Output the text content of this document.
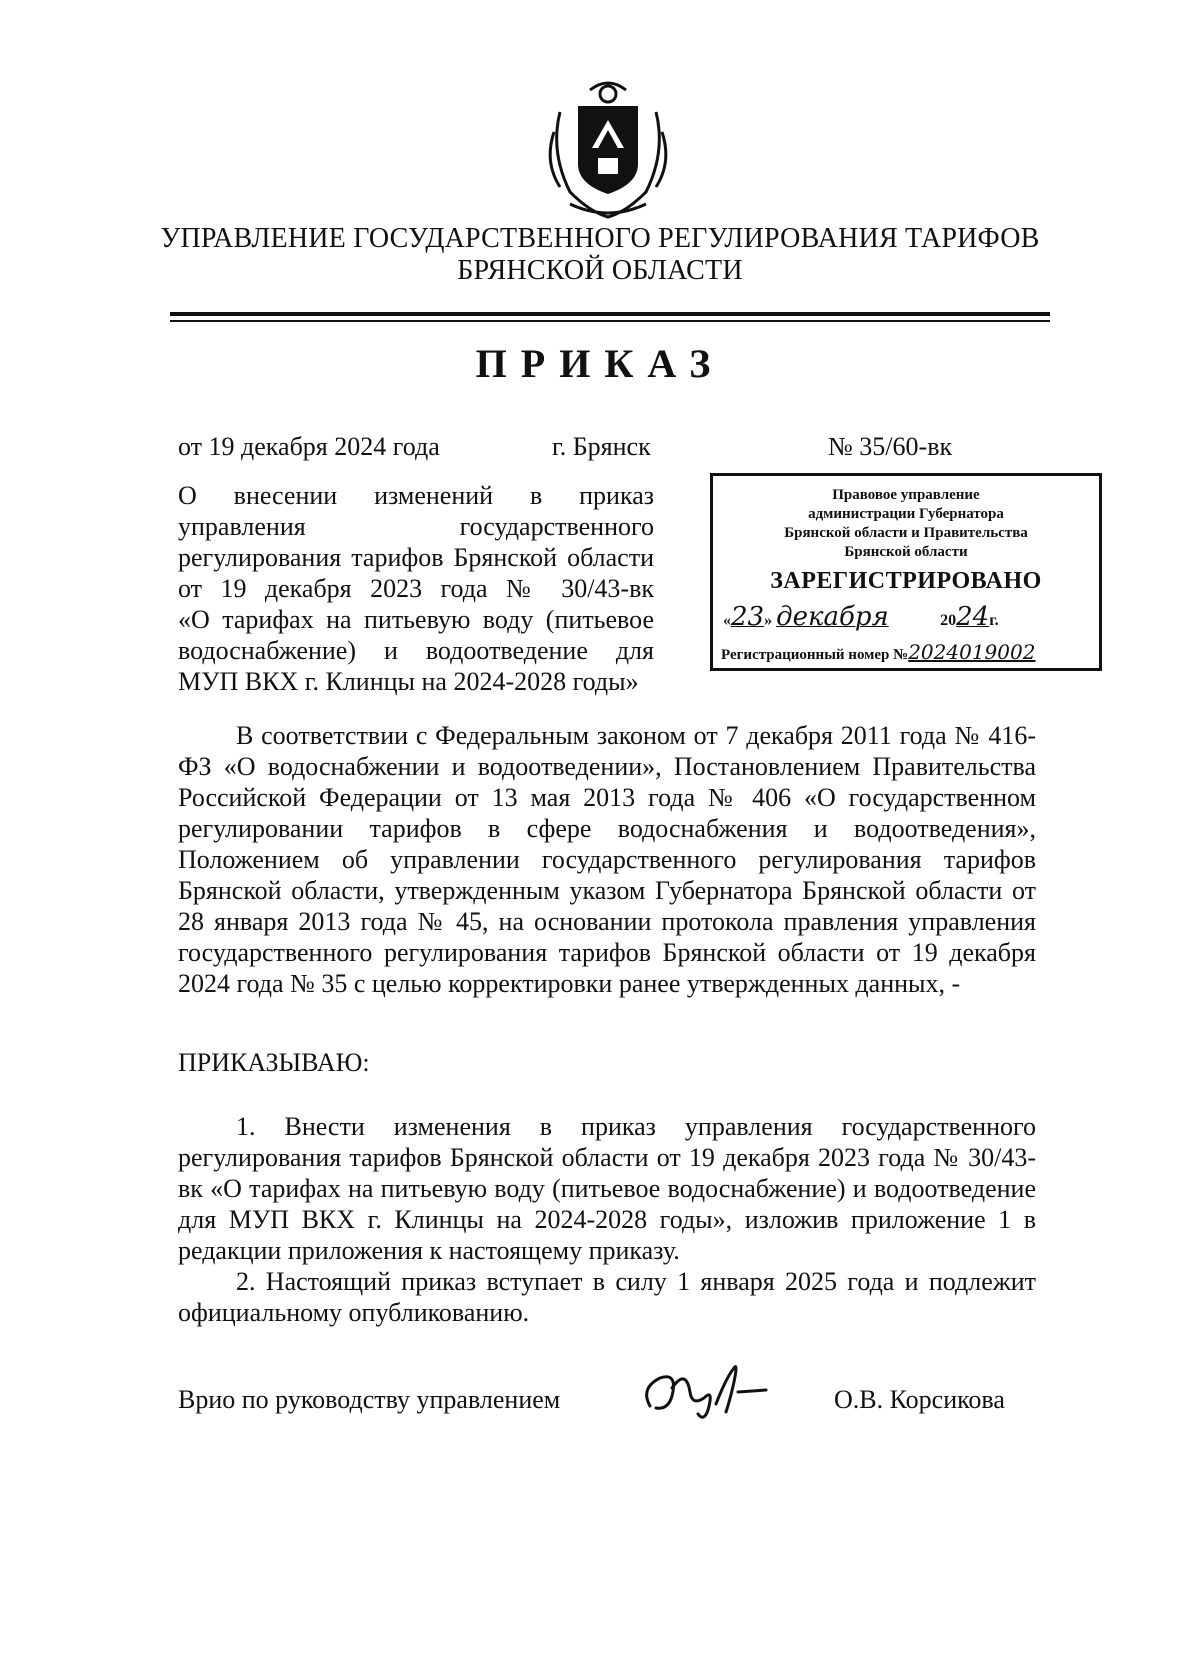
УПРАВЛЕНИЕ ГОСУДАРСТВЕННОГО РЕГУЛИРОВАНИЯ ТАРИФОВ
БРЯНСКОЙ ОБЛАСТИ
ПРИКАЗ
от 19 декабря 2024 года	г. Брянск	№ 35/60-вк
О внесении изменений в приказ
управления государственного
регулирования тарифов Брянской области
от 19 декабря 2023 года № 30/43-вк
«О тарифах на питьевую воду (питьевое
водоснабжение) и водоотведение для
МУП ВКХ г. Клинцы на 2024-2028 годы»
Правовое управление
администрации Губернатора
Брянской области и Правительства
Брянской области
ЗАРЕГИСТРИРОВАНО
«23» декабря	2024г.
Регистрационный номер №2024019002
В соответствии с Федеральным законом от 7 декабря 2011 года № 416-ФЗ «О водоснабжении и водоотведении», Постановлением Правительства Российской Федерации от 13 мая 2013 года № 406 «О государственном регулировании тарифов в сфере водоснабжения и водоотведения», Положением об управлении государственного регулирования тарифов Брянской области, утвержденным указом Губернатора Брянской области от 28 января 2013 года № 45, на основании протокола правления управления государственного регулирования тарифов Брянской области от 19 декабря 2024 года № 35 с целью корректировки ранее утвержденных данных, -
ПРИКАЗЫВАЮ:
1. Внести изменения в приказ управления государственного регулирования тарифов Брянской области от 19 декабря 2023 года № 30/43-вк «О тарифах на питьевую воду (питьевое водоснабжение) и водоотведение для МУП ВКХ г. Клинцы на 2024-2028 годы», изложив приложение 1 в редакции приложения к настоящему приказу.
2. Настоящий приказ вступает в силу 1 января 2025 года и подлежит официальному опубликованию.
Врио по руководству управлением	О.В. Корсикова
